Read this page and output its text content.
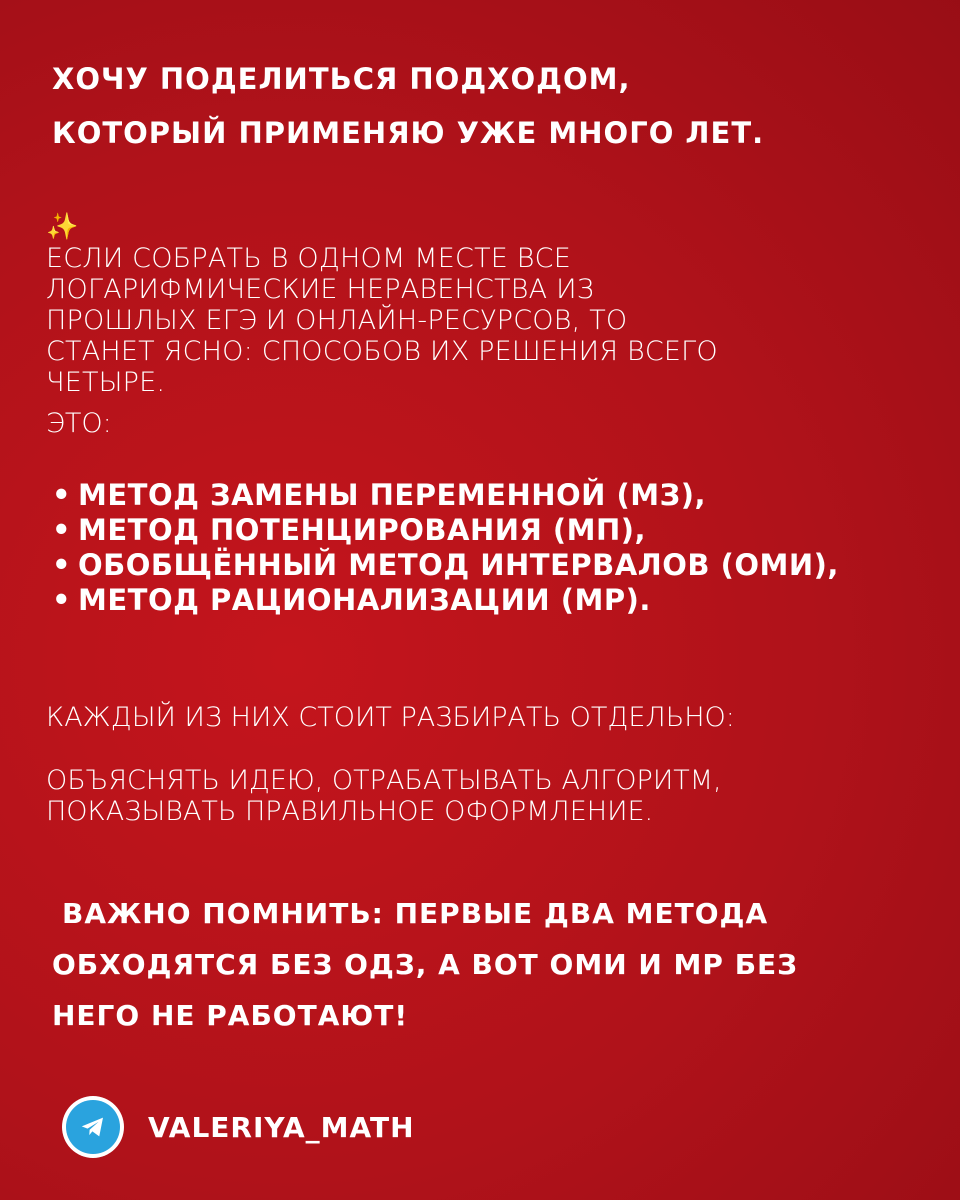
ХОЧУ ПОДЕЛИТЬСЯ ПОДХОДОМ,
КОТОРЫЙ ПРИМЕНЯЮ УЖЕ МНОГО ЛЕТ.
✨
ЕСЛИ СОБРАТЬ В ОДНОМ МЕСТЕ ВСЕ
ЛОГАРИФМИЧЕСКИЕ НЕРАВЕНСТВА ИЗ
ПРОШЛЫХ ЕГЭ И ОНЛАЙН-РЕСУРСОВ, ТО
СТАНЕТ ЯСНО: СПОСОБОВ ИХ РЕШЕНИЯ ВСЕГО
ЧЕТЫРЕ.
ЭТО:
• МЕТОД ЗАМЕНЫ ПЕРЕМЕННОЙ (МЗ),
• МЕТОД ПОТЕНЦИРОВАНИЯ (МП),
• ОБОБЩЁННЫЙ МЕТОД ИНТЕРВАЛОВ (ОМИ),
• МЕТОД РАЦИОНАЛИЗАЦИИ (МР).
КАЖДЫЙ ИЗ НИХ СТОИТ РАЗБИРАТЬ ОТДЕЛЬНО:
ОБЪЯСНЯТЬ ИДЕЮ, ОТРАБАТЫВАТЬ АЛГОРИТМ,
ПОКАЗЫВАТЬ ПРАВИЛЬНОЕ ОФОРМЛЕНИЕ.
ВАЖНО ПОМНИТЬ: ПЕРВЫЕ ДВА МЕТОДА
ОБХОДЯТСЯ БЕЗ ОДЗ, А ВОТ ОМИ И МР БЕЗ
НЕГО НЕ РАБОТАЮТ!
VALERIYA_MATH
